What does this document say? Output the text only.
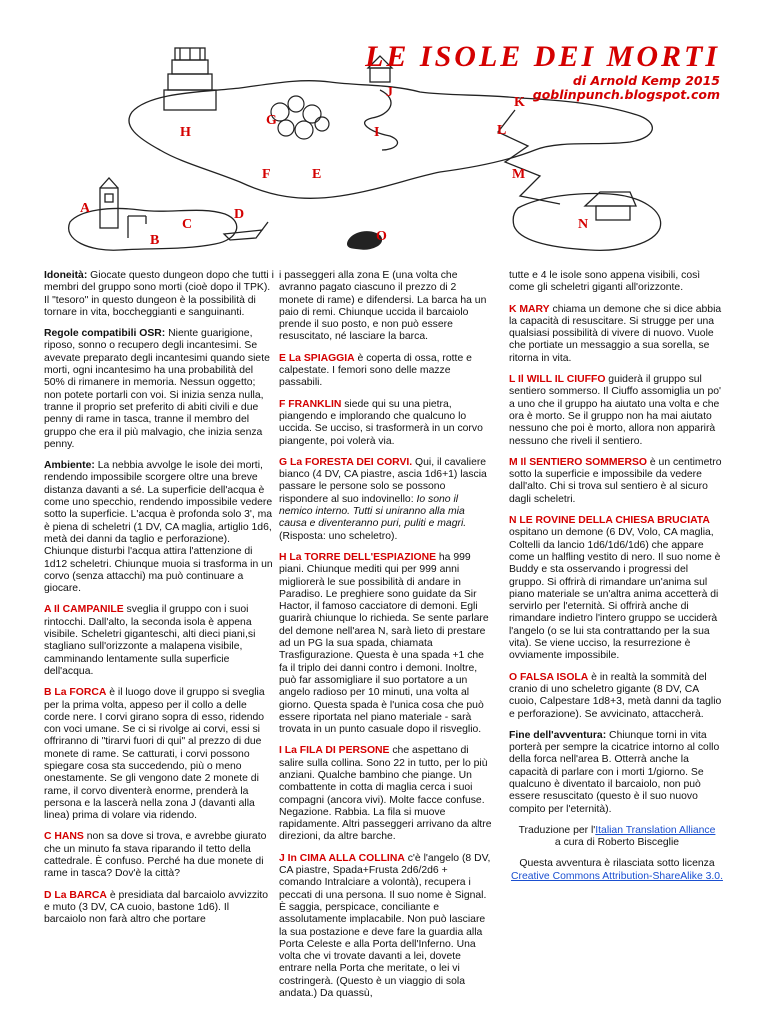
A
B
C
D
E
F
G
H	I
J
K
L
M
N
O
LE ISOLE DEI MORTI
di Arnold Kemp 2015
goblinpunch.blogspot.com

Idoneità: Giocate questo dungeon dopo che tutti i membri del gruppo sono morti (cioè dopo il TPK). Il "tesoro" in questo dungeon è la possibilità di tornare in vita, boccheggianti e sanguinanti.

Regole compatibili OSR: Niente guarigione, riposo, sonno o recupero degli incantesimi. Se avevate preparato degli incantesimi quando siete morti, ogni incantesimo ha una probabilità del 50% di rimanere in memoria. Nessun oggetto; non potete portarli con voi. Si inizia senza nulla, tranne il proprio set preferito di abiti civili e due penny di rame in tasca, tranne il membro del gruppo che era il più malvagio, che inizia senza penny.

Ambiente: La nebbia avvolge le isole dei morti, rendendo impossibile scorgere oltre una breve distanza davanti a sé. La superficie dell'acqua è come uno specchio, rendendo impossibile vedere sotto la superficie. L'acqua è profonda solo 3', ma è piena di scheletri (1 DV, CA maglia, artiglio 1d6, metà dei danni da taglio e perforazione). Chiunque disturbi l'acqua attira l'attenzione di 1d12 scheletri. Chiunque muoia si trasforma in un corvo (senza attacchi) ma può continuare a giocare.

A Il CAMPANILE sveglia il gruppo con i suoi rintocchi. Dall'alto, la seconda isola è appena visibile. Scheletri giganteschi, alti dieci piani,si stagliano sull'orizzonte a malapena visibile, camminando lentamente sulla superficie dell'acqua.

B La FORCA è il luogo dove il gruppo si sveglia per la prima volta, appeso per il collo a delle corde nere. I corvi girano sopra di esso, ridendo con voci umane. Se ci si rivolge ai corvi, essi si offriranno di "tirarvi fuori di qui" al prezzo di due monete di rame. Se catturati, i corvi possono spiegare cosa sta succedendo, più o meno onestamente. Se gli vengono date 2 monete di rame, il corvo diventerà enorme, prenderà la persona e la lascerà nella zona J (davanti alla linea) prima di volare via ridendo.

C HANS non sa dove si trova, e avrebbe giurato che un minuto fa stava riparando il tetto della cattedrale. È confuso. Perché ha due monete di rame in tasca? Dov'è la città?

D La BARCA è presidiata dal barcaiolo avvizzito e muto (3 DV, CA cuoio, bastone 1d6). Il barcaiolo non farà altro che portare

i passeggeri alla zona E (una volta che avranno pagato ciascuno il prezzo di 2 monete di rame) e difendersi. La barca ha un paio di remi. Chiunque uccida il barcaiolo prende il suo posto, e non può essere resuscitato, né lasciare la barca.

E La SPIAGGIA è coperta di ossa, rotte e calpestate. I femori sono delle mazze passabili.

F FRANKLIN siede qui su una pietra, piangendo e implorando che qualcuno lo uccida. Se ucciso, si trasformerà in un corvo piangente, poi volerà via.

G La FORESTA DEI CORVI. Qui, il cavaliere bianco (4 DV, CA piastre, ascia 1d6+1) lascia passare le persone solo se possono rispondere al suo indovinello: Io sono il nemico interno. Tutti si uniranno alla mia causa e diventeranno puri, puliti e magri. (Risposta: uno scheletro).

H La TORRE DELL'ESPIAZIONE ha 999 piani. Chiunque mediti qui per 999 anni migliorerà le sue possibilità di andare in Paradiso. Le preghiere sono guidate da Sir Hactor, il famoso cacciatore di demoni. Egli guarirà chiunque lo richieda. Se sente parlare del demone nell'area N, sarà lieto di prestare ad un PG la sua spada, chiamata Trasfigurazione. Questa è una spada +1 che fa il triplo dei danni contro i demoni. Inoltre, può far assomigliare il suo portatore a un angelo radioso per 10 minuti, una volta al giorno. Questa spada è l'unica cosa che può essere riportata nel piano materiale - sarà trovata in un punto casuale dopo il risveglio.

I La FILA DI PERSONE che aspettano di salire sulla collina. Sono 22 in tutto, per lo più anziani. Qualche bambino che piange. Un combattente in cotta di maglia cerca i suoi compagni (ancora vivi). Molte facce confuse. Negazione. Rabbia. La fila si muove rapidamente. Altri passeggeri arrivano da altre direzioni, da altre barche.

J In CIMA ALLA COLLINA c'è l'angelo (8 DV, CA piastre, Spada+Frusta 2d6/2d6 + comando Intralciare a volontà), recupera i peccati di una persona. Il suo nome è Signal. È saggia, perspicace, conciliante e assolutamente implacabile. Non può lasciare la sua postazione e deve fare la guardia alla Porta Celeste e alla Porta dell'Inferno. Una volta che vi trovate davanti a lei, dovete entrare nella Porta che meritate, o lei vi costringerà. (Questo è un viaggio di sola andata.) Da quassù,

tutte e 4 le isole sono appena visibili, così come gli scheletri giganti all'orizzonte.

K MARY chiama un demone che si dice abbia la capacità di resuscitare. Si strugge per una qualsiasi possibilità di vivere di nuovo. Vuole che portiate un messaggio a sua sorella, se ritorna in vita.

L Il WILL IL CIUFFO guiderà il gruppo sul sentiero sommerso. Il Ciuffo assomiglia un po' a uno che il gruppo ha aiutato una volta e che ora è morto. Se il gruppo non ha mai aiutato nessuno che poi è morto, allora non apparirà nessuno che riveli il sentiero.

M Il SENTIERO SOMMERSO è un centimetro sotto la superficie e impossibile da vedere dall'alto. Chi si trova sul sentiero è al sicuro dagli scheletri.

N LE ROVINE DELLA CHIESA BRUCIATA ospitano un demone (6 DV, Volo, CA maglia, Coltelli da lancio 1d6/1d6/1d6) che appare come un halfling vestito di nero. Il suo nome è Buddy e sta osservando i progressi del gruppo. Si offrirà di rimandare un'anima sul piano materiale se un'altra anima accetterà di servirlo per l'eternità. Si offrirà anche di rimandare indietro l'intero gruppo se ucciderà l'angelo (o se lui sta contrattando per la sua vita). Se viene ucciso, la resurrezione è ovviamente impossibile.

O FALSA ISOLA è in realtà la sommità del cranio di uno scheletro gigante (8 DV, CA cuoio, Calpestare 1d8+3, metà danni da taglio e perforazione). Se avvicinato, attaccherà.

Fine dell'avventura: Chiunque torni in vita porterà per sempre la cicatrice intorno al collo della forca nell'area B. Otterrà anche la capacità di parlare con i morti 1/giorno. Se qualcuno è diventato il barcaiolo, non può essere resuscitato (questo è il suo nuovo compito per l'eternità).

Traduzione per l'Italian Translation Alliance
a cura di Roberto Bisceglie

Questa avventura è rilasciata sotto licenza
Creative Commons Attribution-ShareAlike 3.0.
